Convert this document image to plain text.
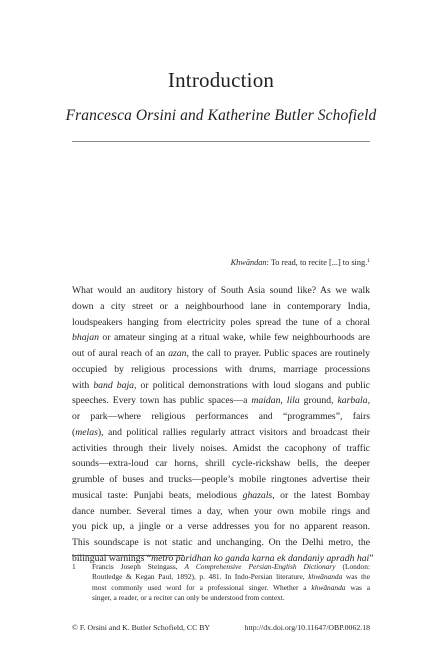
Introduction
Francesca Orsini and Katherine Butler Schofield
Khwāndan: To read, to recite [...] to sing.$^1$
What would an auditory history of South Asia sound like? As we walk
down a city street or a neighbourhood lane in contemporary India,
loudspeakers hanging from electricity poles spread the tune of a choral
bhajan or amateur singing at a ritual wake, while few neighbourhoods are
out of aural reach of an azan, the call to prayer. Public spaces are routinely
occupied by religious processions with drums, marriage processions
with band baja, or political demonstrations with loud slogans and public
speeches. Every town has public spaces—a maidan, lila ground, karbala,
or park—where religious performances and “programmes”, fairs
(melas), and political rallies regularly attract visitors and broadcast their
activities through their lively noises. Amidst the cacophony of traffic
sounds—extra-loud car horns, shrill cycle-rickshaw bells, the deeper
grumble of buses and trucks—people’s mobile ringtones advertise their
musical taste: Punjabi beats, melodious ghazals, or the latest Bombay
dance number. Several times a day, when your own mobile rings and
you pick up, a jingle or a verse addresses you for no apparent reason.
This soundscape is not static and unchanging. On the Delhi metro, the
bilingual warnings “metro paridhan ko ganda karna ek dandaniy apradh hai”
1 Francis Joseph Steingass, A Comprehensive Persian-English Dictionary (London:
Routledge & Kegan Paul, 1892), p. 481. In Indo-Persian literature, khwānanda was the
most commonly used word for a professional singer. Whether a khwānanda was a
singer, a reader, or a reciter can only be understood from context.
© F. Orsini and K. Butler Schofield, CC BY	http://dx.doi.org/10.11647/OBP.0062.18
